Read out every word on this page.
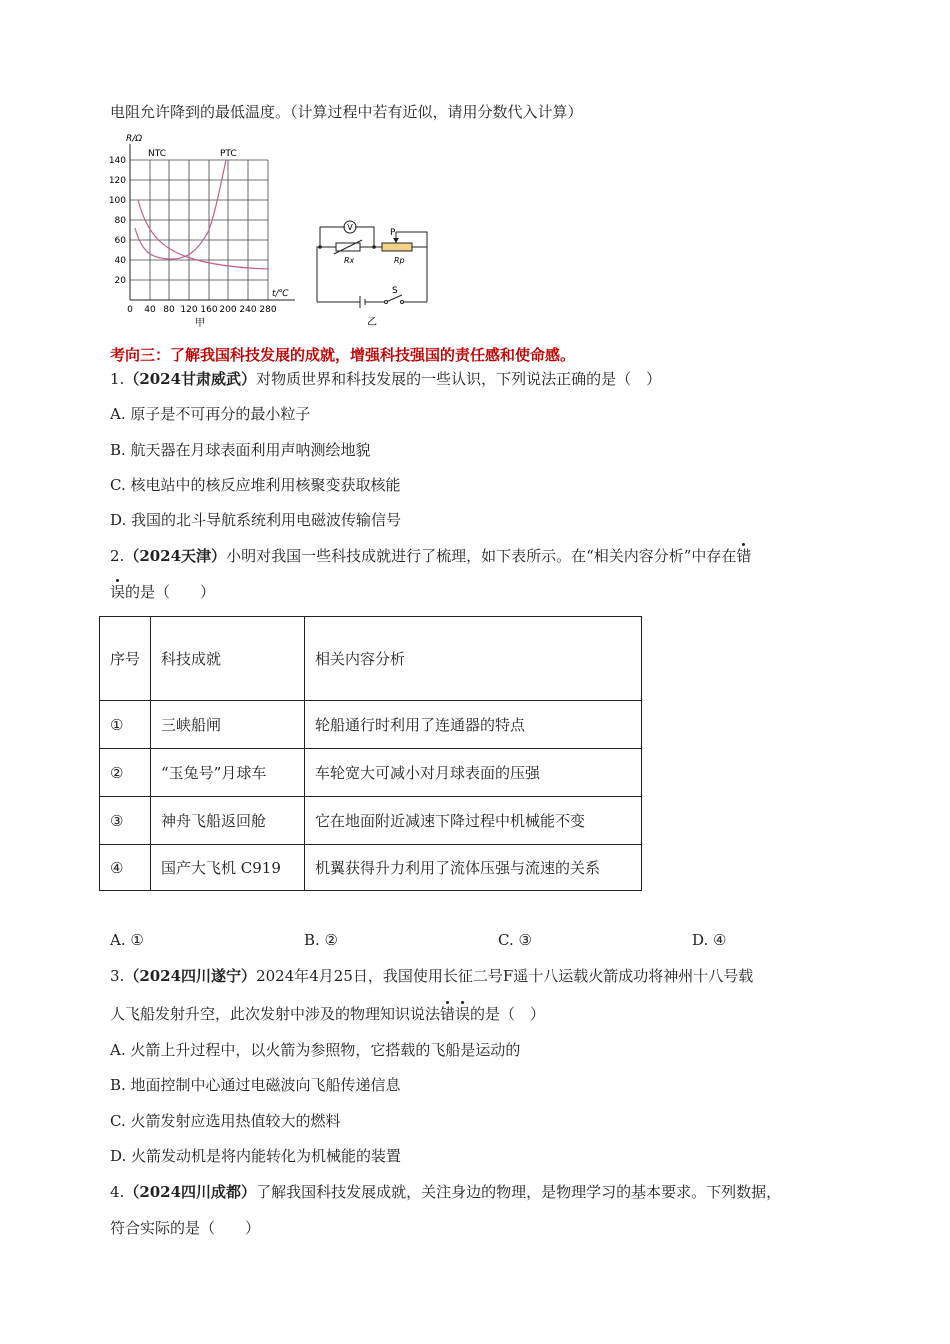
电阻允许降到的最低温度。（计算过程中若有近似，请用分数代入计算）
R/Ω
NTC	PTC
140
120
100
80
60
40
20
0 40 80 120 160 200 240 280
t/℃
甲
V
P
Rx	Rp
S
乙
考向三：了解我国科技发展的成就，增强科技强国的责任感和使命感。
1.（2024甘肃威武）对物质世界和科技发展的一些认识，下列说法正确的是（　）
A. 原子是不可再分的最小粒子
B. 航天器在月球表面利用声呐测绘地貌
C. 核电站中的核反应堆利用核聚变获取核能
D. 我国的北斗导航系统利用电磁波传输信号
2.（2024天津）小明对我国一些科技成就进行了梳理，如下表所示。在“相关内容分析”中存在错
误的是（　　）
序号	科技成就	相关内容分析
①	三峡船闸	轮船通行时利用了连通器的特点
②	“玉兔号”月球车	车轮宽大可减小对月球表面的压强
③	神舟飞船返回舱	它在地面附近减速下降过程中机械能不变
④	国产大飞机 C919	机翼获得升力利用了流体压强与流速的关系
A. ①	B. ②	C. ③	D. ④
3.（2024四川遂宁）2024年4月25日，我国使用长征二号F遥十八运载火箭成功将神州十八号载
人飞船发射升空，此次发射中涉及的物理知识说法错误的是（　）
A. 火箭上升过程中，以火箭为参照物，它搭载的飞船是运动的
B. 地面控制中心通过电磁波向飞船传递信息
C. 火箭发射应选用热值较大的燃料
D. 火箭发动机是将内能转化为机械能的装置
4.（2024四川成都）了解我国科技发展成就，关注身边的物理，是物理学习的基本要求。下列数据，
符合实际的是（　　）
